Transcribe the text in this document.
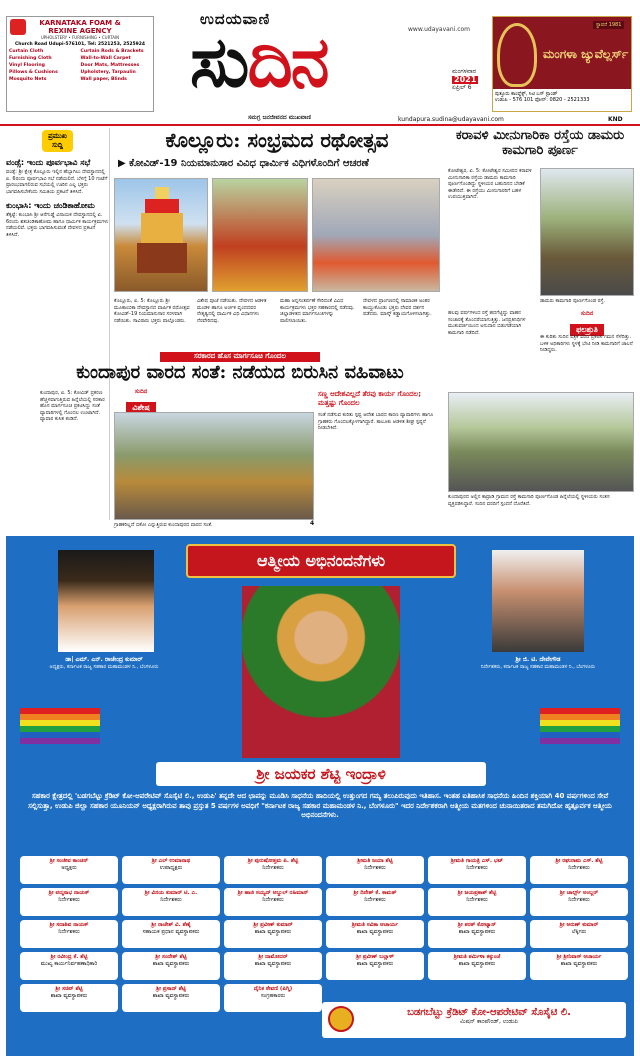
KARNATAKA FOAM &
REXINE AGENCY
UPHOLSTERY • FURNISHING • CURTAIN
Church Road Udupi-576101, Tel: 2521253, 2525924
Curtain Cloth	Curtain Rods & Brackets
Furnishing Cloth	Wall-to-Wall Carpet
Vinyl Flooring	Door Mats, Mattresses
Pillows & Cushions	Upholstery, Tarpaulin
Mosquito Nets	Wall paper, Blinds
ಉದಯವಾಣಿ
www.udayavani.com
ಸುದಿನ	ಮಂಗಳವಾರ
2021
ಏಪ್ರಿಲ್ 6
ಸಮಗ್ರ ಜನಜೀವನದ ಮುಖವಾಣಿ
ಸ್ಥಾಪನೆ 1981
ಮಂಗಳಾ ಜ್ಯುವೆಲ್ಲರ್ಸ್
ಪುತ್ತೂರು ಕಾಂಪ್ಲೆಕ್ಸ್, ಸಿಟಿ ಬಸ್ ಸ್ಟಾಂಡ್
ಉಡುಪಿ - 576 101 ಫೋನ್: 0820 - 2521333
kundapura.sudina@udayavani.com	KND
ಪ್ರಮುಖ
ಸುದ್ದಿ
ವಂಡ್ಸೆ: ಇಂದು ಪೂರ್ವಭಾವಿ ಸಭೆ
ವಂಡ್ಸೆ: ಶ್ರೀ ಕ್ಷೇತ್ರ ಕೊಲ್ಲೂರು ಇಲ್ಲಿನ ಹೆಬ್ಬಾಗಿಲು ದೇವಸ್ಥಾನದಲ್ಲಿ ಏ. 6ರಂದು ಪೂರ್ವಭಾವಿ ಸಭೆ ನಡೆಯಲಿದೆ. ಬೆಳಗ್ಗೆ 10 ಗಂಟೆಗೆ ಪ್ರಾರಂಭವಾಗಲಿರುವ ಸಭೆಯಲ್ಲಿ ಊರಿನ ಎಲ್ಲ ಭಕ್ತರು ಭಾಗವಹಿಸಬೇಕೆಂದು ಸಮಿತಿಯ ಪ್ರಕಟನೆ ತಿಳಿಸಿದೆ.
ಕುಂಭಾಸಿ: ಇಂದು ಚಂಡಿಕಾಹೋಮ
ತೆಕ್ಕಟ್ಟೆ: ಕುಂಭಾಸಿ ಶ್ರೀ ಆನೆಗುಡ್ಡೆ ವಿನಾಯಕ ದೇವಸ್ಥಾನದಲ್ಲಿ ಏ. 6ರಂದು ಶತಚಂಡಿಕಾಹೋಮ ಹಾಗೂ ಧಾರ್ಮಿಕ ಕಾರ್ಯಕ್ರಮಗಳು ನಡೆಯಲಿವೆ. ಭಕ್ತರು ಭಾಗವಹಿಸುವಂತೆ ದೇವಳದ ಪ್ರಕಟನೆ ತಿಳಿಸಿದೆ.
ಕೊಲ್ಲೂರು: ಸಂಭ್ರಮದ ರಥೋತ್ಸವ
▶ ಕೋವಿಡ್-19 ನಿಯಮಾನುಸಾರ ವಿವಿಧ ಧಾರ್ಮಿಕ ವಿಧಿಗಳೊಂದಿಗೆ ಆಚರಣೆ
ಕೊಲ್ಲೂರು, ಏ. 5: ಕೊಲ್ಲೂರು ಶ್ರೀ ಮೂಕಾಂಬಿಕಾ ದೇವಸ್ಥಾನದ ವಾರ್ಷಿಕ ರಥೋತ್ಸವ ಕೋವಿಡ್-19 ನಿಯಮಾನುಸಾರ ಸರಳವಾಗಿ ನಡೆಯಿತು. ಸಾವಿರಾರು ಭಕ್ತರು ಪಾಲ್ಗೊಂಡರು.
ವಿಶೇಷ ಪೂಜೆ ನಡೆಯಿತು. ದೇವಳದ ಆಡಳಿತ ಮಂಡಳಿ ಹಾಗೂ ಅರ್ಚಕ ವೃಂದದವರ ನೇತೃತ್ವದಲ್ಲಿ ಧಾರ್ಮಿಕ ವಿಧಿ ವಿಧಾನಗಳು ನೆರವೇರಿದವು.
ಮಹಾ ಅನ್ನಸಂತರ್ಪಣೆ ಸೇರಿದಂತೆ ವಿವಿಧ ಕಾರ್ಯಕ್ರಮಗಳು ಭಕ್ತರ ಸಹಕಾರದಲ್ಲಿ ನಡೆದವು. ಜಿಲ್ಲಾಡಳಿತದ ಮಾರ್ಗಸೂಚಿಗಳನ್ನು ಪಾಲಿಸಲಾಯಿತು.
ದೇವಳದ ಪ್ರಾಂಗಣದಲ್ಲಿ ಸಾಮಾಜಿಕ ಅಂತರ ಕಾಯ್ದುಕೊಂಡು ಭಕ್ತರು ದೇವರ ದರ್ಶನ ಪಡೆದರು. ಮಾಸ್ಕ್ ಕಡ್ಡಾಯಗೊಳಿಸಲಾಗಿತ್ತು.
ಕರಾವಳಿ ಮೀನುಗಾರಿಕಾ ರಸ್ತೆಯ ಡಾಮರು ಕಾಮಗಾರಿ ಪೂರ್ಣ
ಕೋಟೇಶ್ವರ, ಏ. 5: ಕೋಟೇಶ್ವರ ಸಮೀಪದ ಕರಾವಳಿ ಮೀನುಗಾರಿಕಾ ರಸ್ತೆಯ ಡಾಮರು ಕಾಮಗಾರಿ ಪೂರ್ಣಗೊಂಡಿದ್ದು ಸ್ಥಳೀಯರ ಬಹುದಿನದ ಬೇಡಿಕೆ ಈಡೇರಿದೆ. ಈ ರಸ್ತೆಯು ಮೀನುಗಾರರಿಗೆ ಬಹಳ ಉಪಯುಕ್ತವಾಗಿದೆ.
ಡಾಮರು ಕಾಮಗಾರಿ ಪೂರ್ಣಗೊಂಡ ರಸ್ತೆ.
ಹಲವು ವರ್ಷಗಳಿಂದ ರಸ್ತೆ ಹದಗೆಟ್ಟಿದ್ದು ವಾಹನ ಸಂಚಾರಕ್ಕೆ ತೊಂದರೆಯಾಗುತ್ತಿತ್ತು. ಜನಪ್ರತಿನಿಧಿಗಳ ಮುತುವರ್ಜಿಯಿಂದ ಅನುದಾನ ಬಿಡುಗಡೆಯಾಗಿ ಕಾಮಗಾರಿ ನಡೆದಿದೆ.
ಸುದಿನ
ಫಲಶ್ರುತಿ
ಈ ಕುರಿತು ಸುದಿನ ಪತ್ರಿಕೆ ವರದಿ ಪ್ರಕಟಿಸಿ ಗಮನ ಸೆಳೆದಿತ್ತು. ಬಳಿಕ ಅಧಿಕಾರಿಗಳು ಸ್ಥಳಕ್ಕೆ ಭೇಟಿ ನೀಡಿ ಕಾಮಗಾರಿಗೆ ಚಾಲನೆ ನೀಡಿದ್ದರು.
ಕುಂದಾಪುರದ ಅಲ್ಲಿನ ಕಾವ್ರಾಡಿ ಗ್ರಾಮದ ರಸ್ತೆ ಕಾಮಗಾರಿ ಪೂರ್ಣಗೊಂಡ ಹಿನ್ನೆಲೆಯಲ್ಲಿ ಸ್ಥಳೀಯರು ಸಂತಸ ವ್ಯಕ್ತಪಡಿಸಿದ್ದಾರೆ. ಸುದಿನ ವರದಿಗೆ ಸ್ಪಂದನೆ ದೊರೆತಿದೆ.
ಸರಕಾರದ ಹೊಸ ಮಾರ್ಗಸೂಚಿ ಗೊಂದಲ
ಕುಂದಾಪುರ ವಾರದ ಸಂತೆ: ನಡೆಯದ ಬಿರುಸಿನ ವಹಿವಾಟು
ಸುದಿನ
ವಿಶೇಷ
ಕುಂದಾಪುರ, ಏ. 5: ಕೋವಿಡ್ ಪ್ರಕರಣ ಹೆಚ್ಚಳವಾಗುತ್ತಿರುವ ಹಿನ್ನೆಲೆಯಲ್ಲಿ ಸರಕಾರ ಹೊಸ ಮಾರ್ಗಸೂಚಿ ಪ್ರಕಟಿಸಿದ್ದು ಸಂತೆ ವ್ಯಾಪಾರಿಗಳಲ್ಲಿ ಗೊಂದಲ ಉಂಟಾಗಿದೆ. ವ್ಯಾಪಾರ ಕುಸಿತ ಕಂಡಿದೆ.
ಗ್ರಾಹಕರಿಲ್ಲದೆ ಬಿಕೋ ಎನ್ನುತ್ತಿರುವ ಕುಂದಾಪುರದ ವಾರದ ಸಂತೆ.
ಸಣ್ಣ ಆದೇಶವಿಲ್ಲದೆ ತೆರವು ಕಾರ್ಯ ಗೊಂದಲ; ಮತ್ತಷ್ಟು ಗೊಂದಲ
ಸಂತೆ ನಡೆಸುವ ಕುರಿತು ಸ್ಪಷ್ಟ ಆದೇಶ ಬಾರದ ಕಾರಣ ವ್ಯಾಪಾರಿಗಳು ಹಾಗೂ ಗ್ರಾಹಕರು ಗೊಂದಲಕ್ಕೊಳಗಾಗಿದ್ದಾರೆ. ತಾಲೂಕು ಆಡಳಿತ ಶೀಘ್ರ ಸ್ಪಷ್ಟನೆ ನೀಡಬೇಕಿದೆ.
4
ಆತ್ಮೀಯ ಅಭಿನಂದನೆಗಳು
ಡಾ| ಎಮ್. ಎನ್. ರಾಜೇಂದ್ರ ಕುಮಾರ್
ಅಧ್ಯಕ್ಷರು, ಕರ್ನಾಟಕ ರಾಜ್ಯ ಸಹಕಾರ ಮಹಾಮಂಡಳ ನಿ., ಬೆಂಗಳೂರು
ಶ್ರೀ ಜಿ. ಟಿ. ದೇವೇಗೌಡ
ನಿರ್ದೇಶಕರು, ಕರ್ನಾಟಕ ರಾಜ್ಯ ಸಹಕಾರ ಮಹಾಮಂಡಳ ನಿ., ಬೆಂಗಳೂರು
ಶ್ರೀ ಜಯಕರ ಶೆಟ್ಟಿ ಇಂದ್ರಾಳಿ
ಸಹಕಾರ ಕ್ಷೇತ್ರದಲ್ಲಿ 'ಬಡಗಬೆಟ್ಟು ಕ್ರೆಡಿಟ್ ಕೋ-ಆಪರೇಟಿವ್ ಸೊಸೈಟಿ ಲಿ., ಉಡುಪಿ' ತನ್ನದೇ ಆದ ಛಾಪನ್ನು ಮೂಡಿಸಿ ಸಾಧನೆಯ ಹಾದಿಯಲ್ಲಿ ಉತ್ತುಂಗದ ಗಮ್ಯ ತಲುಪಿರುವುದು ಇತಿಹಾಸ. ಇಂತಹ ಐತಿಹಾಸಿಕ ಸಾಧನೆಯ ಹಿಂದಿನ ಶಕ್ತಿಯಾಗಿ 40 ವರ್ಷಗಳಿಂದ ಸೇವೆ ಸಲ್ಲಿಸುತ್ತಾ, ಉಡುಪಿ ಜಿಲ್ಲಾ ಸಹಕಾರ ಯೂನಿಯನ್ ಅಧ್ಯಕ್ಷರಾಗಿರುವ ತಾವು ಪ್ರಸ್ತುತ 5 ವರ್ಷಗಳ ಅವಧಿಗೆ "ಕರ್ನಾಟಕ ರಾಜ್ಯ ಸಹಕಾರ ಮಹಾಮಂಡಳ ನಿ., ಬೆಂಗಳೂರು" ಇದರ ನಿರ್ದೇಶಕರಾಗಿ ಆತ್ಮೀಯ ಮತಗಳಿಂದ ಚುನಾಯಿತರಾದ ತಮಗಿದೋ ಹೃತ್ಪೂರ್ವಕ ಆತ್ಮೀಯ ಅಭಿನಂದನೆಗಳು.
ಶ್ರೀ ಸಂಜೀವ ಕಾಂಚನ್
ಅಧ್ಯಕ್ಷರು
ಶ್ರೀ ಎಲ್ ಉಮಾನಾಥ
ಉಪಾಧ್ಯಕ್ಷರು
ಶ್ರೀ ಪುರುಷೋತ್ತಮ ಪಿ. ಶೆಟ್ಟಿ
ನಿರ್ದೇಶಕರು
ಶ್ರೀಮತಿ ಜಯಾ ಶೆಟ್ಟಿ
ನಿರ್ದೇಶಕರು
ಶ್ರೀಮತಿ ಗಾಯತ್ರಿ ಎಸ್. ಭಟ್
ನಿರ್ದೇಶಕರು
ಶ್ರೀ ರಘುರಾಮ ಎಸ್. ಶೆಟ್ಟಿ
ನಿರ್ದೇಶಕರು
ಶ್ರೀ ಪದ್ಮನಾಭ ನಾಯಕ್
ನಿರ್ದೇಶಕರು
ಶ್ರೀ ವಿನಯ ಕುಮಾರ್ ಟಿ. ಎ.
ನಿರ್ದೇಶಕರು
ಶ್ರೀ ಹಾಜಿ ಸಯ್ಯದ್ ಅಬ್ದುಲ್ ರಹಿಮಾನ್
ನಿರ್ದೇಶಕರು
ಶ್ರೀ ದಿನೇಶ್ ಕೆ. ಕಾಮತ್
ನಿರ್ದೇಶಕರು
ಶ್ರೀ ಜಯಪ್ರಕಾಶ್ ಶೆಟ್ಟಿ
ನಿರ್ದೇಶಕರು
ಶ್ರೀ ಚಾರ್ಲ್ಸ್ ಅಂಬ್ಲರ್
ನಿರ್ದೇಶಕರು
ಶ್ರೀ ಸದಾಶಿವ ನಾಯಕ್
ನಿರ್ದೇಶಕರು
ಶ್ರೀ ರಾಜೇಶ್ ವಿ. ಶೆಣೈ
ಸಹಾಯಕ ಪ್ರಧಾನ ವ್ಯವಸ್ಥಾಪಕರು
ಶ್ರೀ ಪ್ರವೀಣ್ ಕುಮಾರ್
ಶಾಖಾ ವ್ಯವಸ್ಥಾಪಕರು
ಶ್ರೀಮತಿ ಸವಿತಾ ಆಚಾರ್ಯ
ಶಾಖಾ ವ್ಯವಸ್ಥಾಪಕರು
ಶ್ರೀ ಶರತ್ ಕೋಟ್ಯಾನ್
ಶಾಖಾ ವ್ಯವಸ್ಥಾಪಕರು
ಶ್ರೀ ಅರುಣ್ ಕುಮಾರ್
ಲೆಕ್ಕಿಗರು
ಶ್ರೀ ರವೀಂದ್ರ ಕೆ. ಶೆಟ್ಟಿ
ಮುಖ್ಯ ಕಾರ್ಯನಿರ್ವಹಣಾಧಿಕಾರಿ
ಶ್ರೀ ಸಂದೇಶ್ ಶೆಟ್ಟಿ
ಶಾಖಾ ವ್ಯವಸ್ಥಾಪಕರು
ಶ್ರೀ ದಾಮೋದರ್
ಶಾಖಾ ವ್ಯವಸ್ಥಾಪಕರು
ಶ್ರೀ ಪ್ರವೀಣ್ ಬಲ್ಲಾಳ್
ಶಾಖಾ ವ್ಯವಸ್ಥಾಪಕರು
ಶ್ರೀಮತಿ ಶರ್ಮಿಳಾ ಕಕ್ಕುಂಜೆ
ಶಾಖಾ ವ್ಯವಸ್ಥಾಪಕರು
ಶ್ರೀ ಶ್ರೀನಿವಾಸ್ ಆಚಾರ್ಯ
ಶಾಖಾ ವ್ಯವಸ್ಥಾಪಕರು
ಶ್ರೀ ಸಚಿನ್ ಶೆಟ್ಟಿ
ಶಾಖಾ ವ್ಯವಸ್ಥಾಪಕರು
ಶ್ರೀ ಪ್ರಸಾದ್ ಶೆಟ್ಟಿ
ಶಾಖಾ ವ್ಯವಸ್ಥಾಪಕರು
ದೈನಿಕ ಠೇವಣಿ (ಪಿಗ್ಮಿ)
ಸಂಗ್ರಹಕಾರರು
ಬಡಗಬೆಟ್ಟು ಕ್ರೆಡಿಟ್ ಕೋ-ಆಪರೇಟಿವ್ ಸೊಸೈಟಿ ಲಿ.
ಮಿಷನ್ ಕಾಂಪೌಂಡ್, ಉಡುಪಿ
